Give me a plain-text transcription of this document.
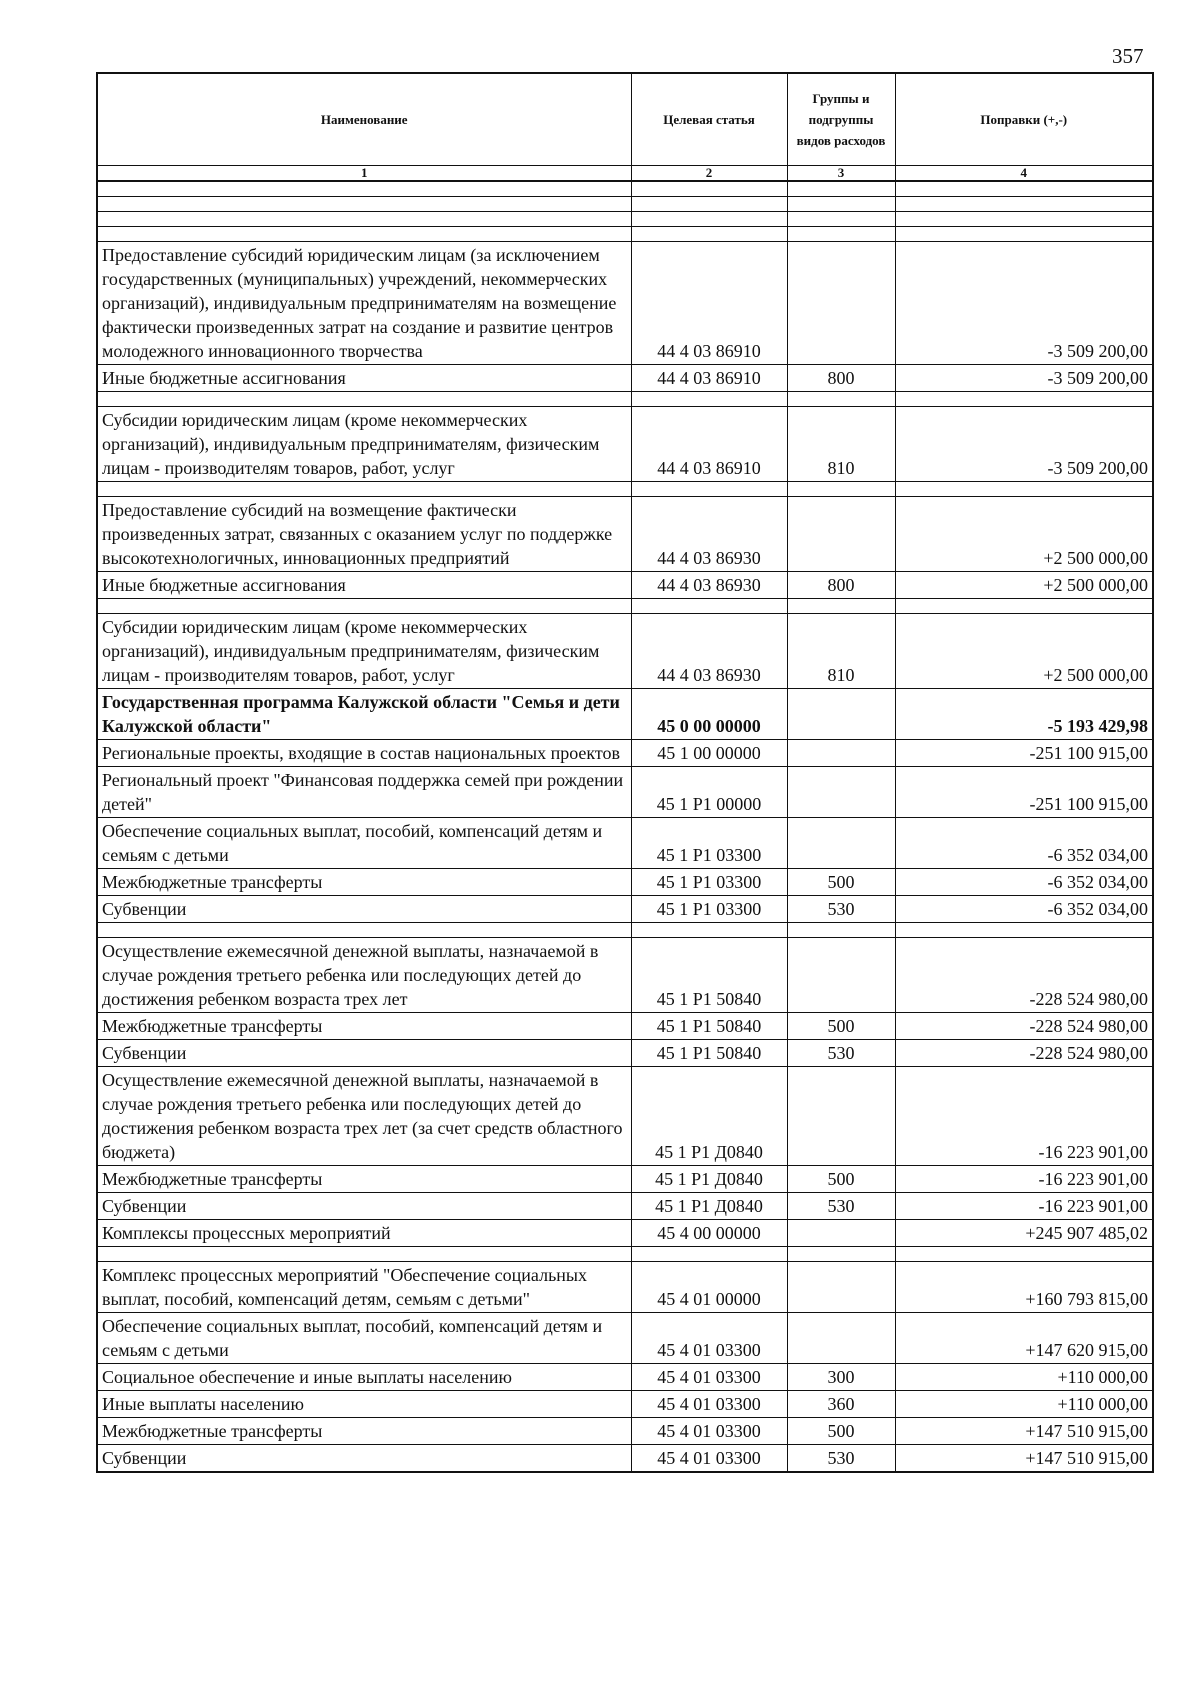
357
Наименование	Целевая статья	Группы и подгруппы видов расходов	Поправки (+,-)
1	2	3	4

Предоставление субсидий юридическим лицам (за исключением государственных (муниципальных) учреждений, некоммерческих организаций), индивидуальным предпринимателям на возмещение фактически произведенных затрат на создание и развитие центров молодежного инновационного творчества	44 4 03 86910		-3 509 200,00
Иные бюджетные ассигнования	44 4 03 86910	800	-3 509 200,00

Субсидии юридическим лицам (кроме некоммерческих организаций), индивидуальным предпринимателям, физическим лицам - производителям товаров, работ, услуг	44 4 03 86910	810	-3 509 200,00

Предоставление субсидий на возмещение фактически произведенных затрат, связанных с оказанием услуг по поддержке высокотехнологичных, инновационных предприятий	44 4 03 86930		+2 500 000,00
Иные бюджетные ассигнования	44 4 03 86930	800	+2 500 000,00

Субсидии юридическим лицам (кроме некоммерческих организаций), индивидуальным предпринимателям, физическим лицам - производителям товаров, работ, услуг	44 4 03 86930	810	+2 500 000,00
Государственная программа Калужской области "Семья и дети Калужской области"	45 0 00 00000		-5 193 429,98
Региональные проекты, входящие в состав национальных проектов	45 1 00 00000		-251 100 915,00
Региональный проект "Финансовая поддержка семей при рождении детей"	45 1 P1 00000		-251 100 915,00
Обеспечение социальных выплат, пособий, компенсаций детям и семьям с детьми	45 1 P1 03300		-6 352 034,00
Межбюджетные трансферты	45 1 P1 03300	500	-6 352 034,00
Субвенции	45 1 P1 03300	530	-6 352 034,00

Осуществление ежемесячной денежной выплаты, назначаемой в случае рождения третьего ребенка или последующих детей до достижения ребенком возраста трех лет	45 1 P1 50840		-228 524 980,00
Межбюджетные трансферты	45 1 P1 50840	500	-228 524 980,00
Субвенции	45 1 P1 50840	530	-228 524 980,00
Осуществление ежемесячной денежной выплаты, назначаемой в случае рождения третьего ребенка или последующих детей до достижения ребенком возраста трех лет (за счет средств областного бюджета)	45 1 P1 Д0840		-16 223 901,00
Межбюджетные трансферты	45 1 P1 Д0840	500	-16 223 901,00
Субвенции	45 1 P1 Д0840	530	-16 223 901,00
Комплексы процессных мероприятий	45 4 00 00000		+245 907 485,02

Комплекс процессных мероприятий "Обеспечение социальных выплат, пособий, компенсаций детям, семьям с детьми"	45 4 01 00000		+160 793 815,00
Обеспечение социальных выплат, пособий, компенсаций детям и семьям с детьми	45 4 01 03300		+147 620 915,00
Социальное обеспечение и иные выплаты населению	45 4 01 03300	300	+110 000,00
Иные выплаты населению	45 4 01 03300	360	+110 000,00
Межбюджетные трансферты	45 4 01 03300	500	+147 510 915,00
Субвенции	45 4 01 03300	530	+147 510 915,00
